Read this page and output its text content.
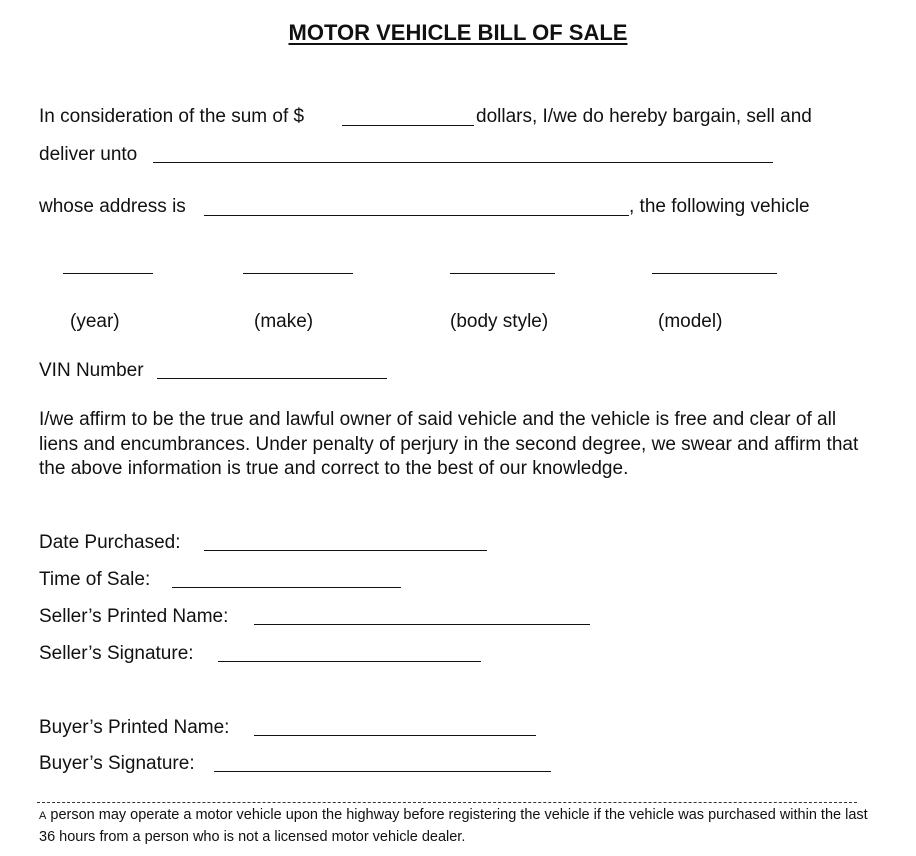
MOTOR VEHICLE BILL OF SALE
In consideration of the sum of $	dollars, I/we do hereby bargain, sell and
deliver unto
whose address is	, the following vehicle
(year)	(make)	(body style)	(model)
VIN Number
I/we affirm to be the true and lawful owner of said vehicle and the vehicle is free and clear of all liens and encumbrances. Under penalty of perjury in the second degree, we swear and affirm that the above information is true and correct to the best of our knowledge.
Date Purchased:
Time of Sale:
Seller’s Printed Name:
Seller’s Signature:
Buyer’s Printed Name:
Buyer’s Signature:
A person may operate a motor vehicle upon the highway before registering the vehicle if the vehicle was purchased within the last 36 hours from a person who is not a licensed motor vehicle dealer.
